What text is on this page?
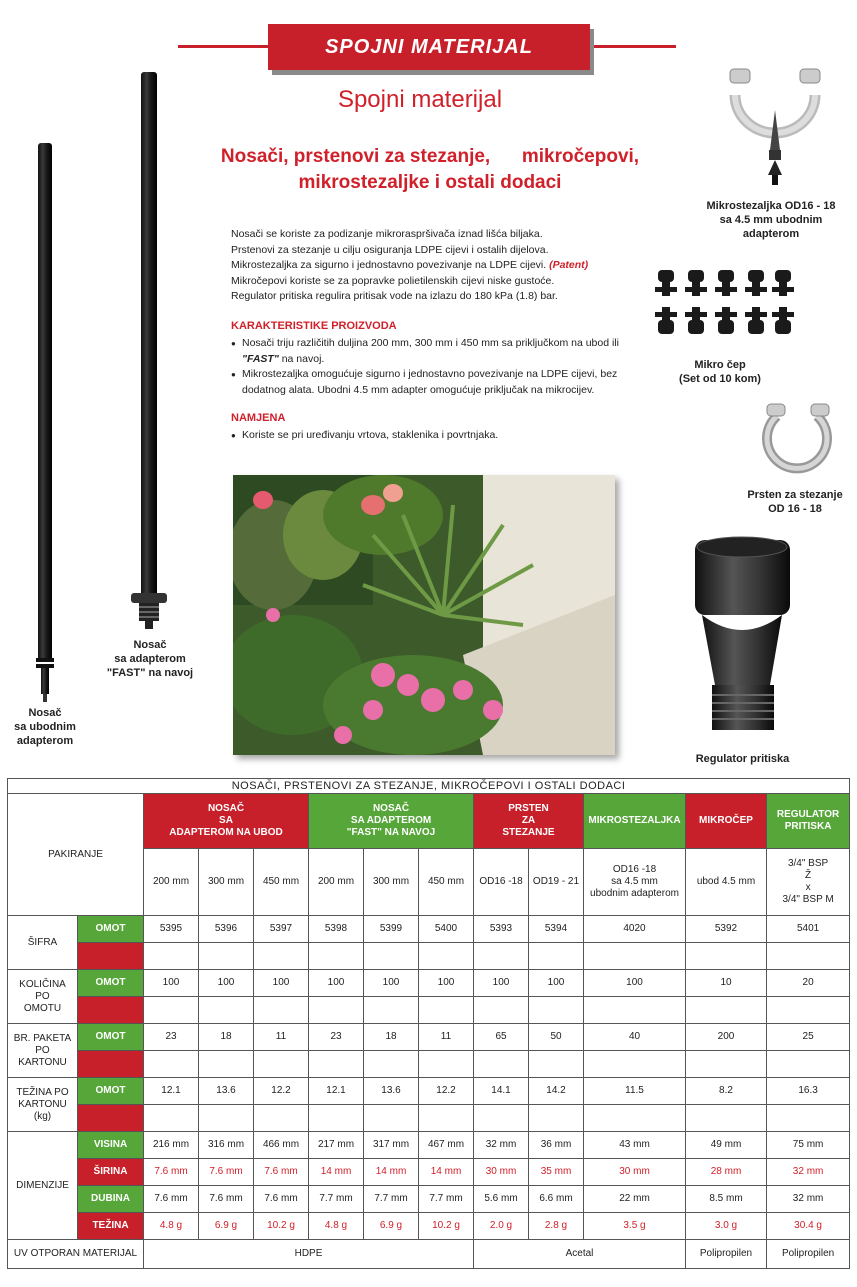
SPOJNI MATERIJAL
Spojni materijal
Nosači, prstenovi za stezanje,      mikročepovi,
mikrostezaljke i ostali dodaci
Nosači se koriste za podizanje mikroraspršivača iznad lišća biljaka.
Prstenovi za stezanje u cilju osiguranja LDPE cijevi i ostalih dijelova.
Mikrostezaljka za sigurno i jednostavno povezivanje na LDPE cijevi. (Patent)
Mikročepovi koriste se za popravke polietilenskih cijevi niske gustoće.
Regulator pritiska regulira pritisak vode na izlazu do 180 kPa (1.8) bar.
KARAKTERISTIKE PROIZVODA
● Nosači triju različitih duljina 200 mm, 300 mm i 450 mm sa priključkom na ubod ili
"FAST" na navoj.
● Mikrostezaljka omogućuje sigurno i jednostavno povezivanje na LDPE cijevi, bez dodatnog alata. Ubodni 4.5 mm adapter omogućuje priključak na mikrocijev.
NAMJENA
● Koriste se pri uređivanju vrtova, staklenika i povrtnjaka.
Nosač
sa ubodnim
adapterom
Nosač
sa adapterom
"FAST" na navoj
Mikrostezaljka OD16 - 18
sa 4.5 mm ubodnim
adapterom
Mikro čep
(Set od 10 kom)
Prsten za stezanje
OD 16 - 18
Regulator pritiska
NOSAČI, PRSTENOVI ZA STEZANJE, MIKROČEPOVI I OSTALI DODACI												
PAKIRANJE		NOSAČ
SA
ADAPTEROM NA UBOD			NOSAČ
SA ADAPTEROM
"FAST" NA NAVOJ			PRSTEN
ZA
STEZANJE		MIKROSTEZALJKA	MIKROČEP	REGULATOR
PRITISKA
		200 mm	300 mm	450 mm	200 mm	300 mm	450 mm	OD16 -18	OD19 - 21	OD16 -18
sa 4.5 mm
ubodnim adapterom	ubod 4.5 mm	3/4" BSP
Ž
x
3/4" BSP M
ŠIFRA	OMOT	5395	5396	5397	5398	5399	5400	5393	5394	4020	5392	5401

KOLIČINA
PO
OMOTU	OMOT	100	100	100	100	100	100	100	100	100	10	20

BR. PAKETA
PO
KARTONU	OMOT	23	18	11	23	18	11	65	50	40	200	25

TEŽINA PO
KARTONU
(kg)	OMOT	12.1	13.6	12.2	12.1	13.6	12.2	14.1	14.2	11.5	8.2	16.3

DIMENZIJE	VISINA	216 mm	316 mm	466 mm	217 mm	317 mm	467 mm	32 mm	36 mm	43 mm	49 mm	75 mm
	ŠIRINA	7.6 mm	7.6 mm	7.6 mm	14 mm	14 mm	14 mm	30 mm	35 mm	30 mm	28 mm	32 mm
	DUBINA	7.6 mm	7.6 mm	7.6 mm	7.7 mm	7.7 mm	7.7 mm	5.6 mm	6.6 mm	22 mm	8.5 mm	32 mm
	TEŽINA	4.8 g	6.9 g	10.2 g	4.8 g	6.9 g	10.2 g	2.0 g	2.8 g	3.5 g	3.0 g	30.4 g
UV OTPORAN MATERIJAL		HDPE						Acetal			Polipropilen	Polipropilen
